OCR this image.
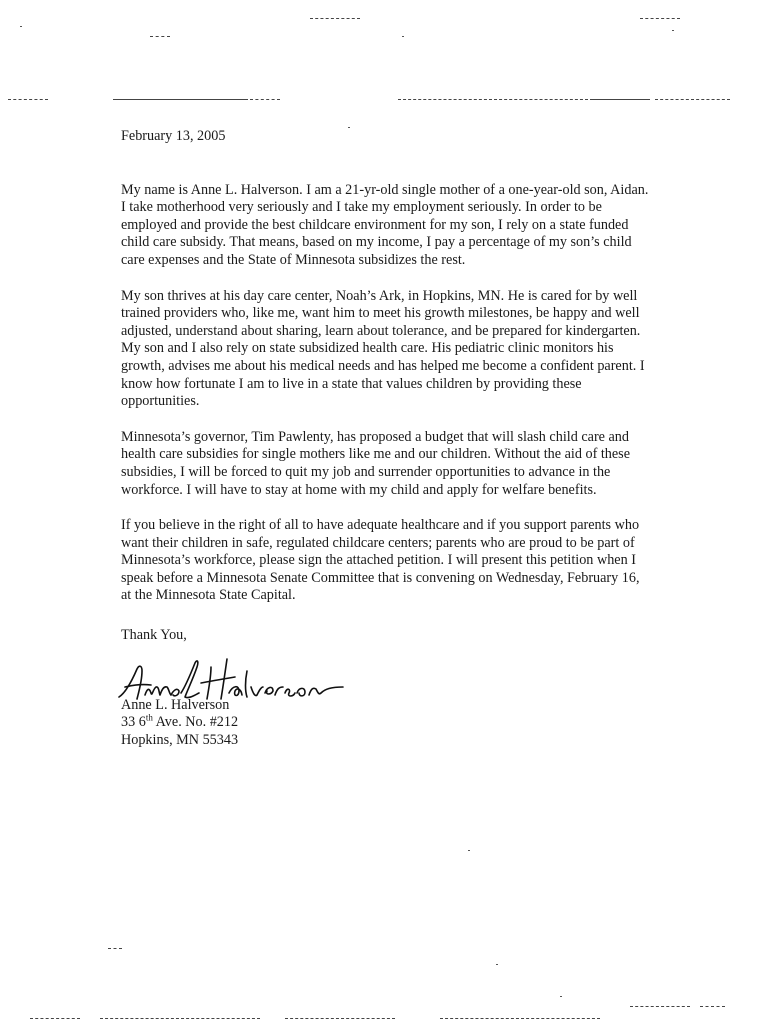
February 13, 2005

My name is Anne L. Halverson. I am a 21-yr-old single mother of a one-year-old son, Aidan. I take motherhood very seriously and I take my employment seriously. In order to be employed and provide the best childcare environment for my son, I rely on a state funded child care subsidy. That means, based on my income, I pay a percentage of my son’s child care expenses and the State of Minnesota subsidizes the rest.

My son thrives at his day care center, Noah’s Ark, in Hopkins, MN. He is cared for by well trained providers who, like me, want him to meet his growth milestones, be happy and well adjusted, understand about sharing, learn about tolerance, and be prepared for kindergarten. My son and I also rely on state subsidized health care. His pediatric clinic monitors his growth, advises me about his medical needs and has helped me become a confident parent. I know how fortunate I am to live in a state that values children by providing these opportunities.

Minnesota’s governor, Tim Pawlenty, has proposed a budget that will slash child care and health care subsidies for single mothers like me and our children. Without the aid of these subsidies, I will be forced to quit my job and surrender opportunities to advance in the workforce. I will have to stay at home with my child and apply for welfare benefits.

If you believe in the right of all to have adequate healthcare and if you support parents who want their children in safe, regulated childcare centers; parents who are proud to be part of Minnesota’s workforce, please sign the attached petition. I will present this petition when I speak before a Minnesota Senate Committee that is convening on Wednesday, February 16, at the Minnesota State Capital.

Thank You,

Anne L. Halverson
33 6th Ave. No. #212
Hopkins, MN 55343
